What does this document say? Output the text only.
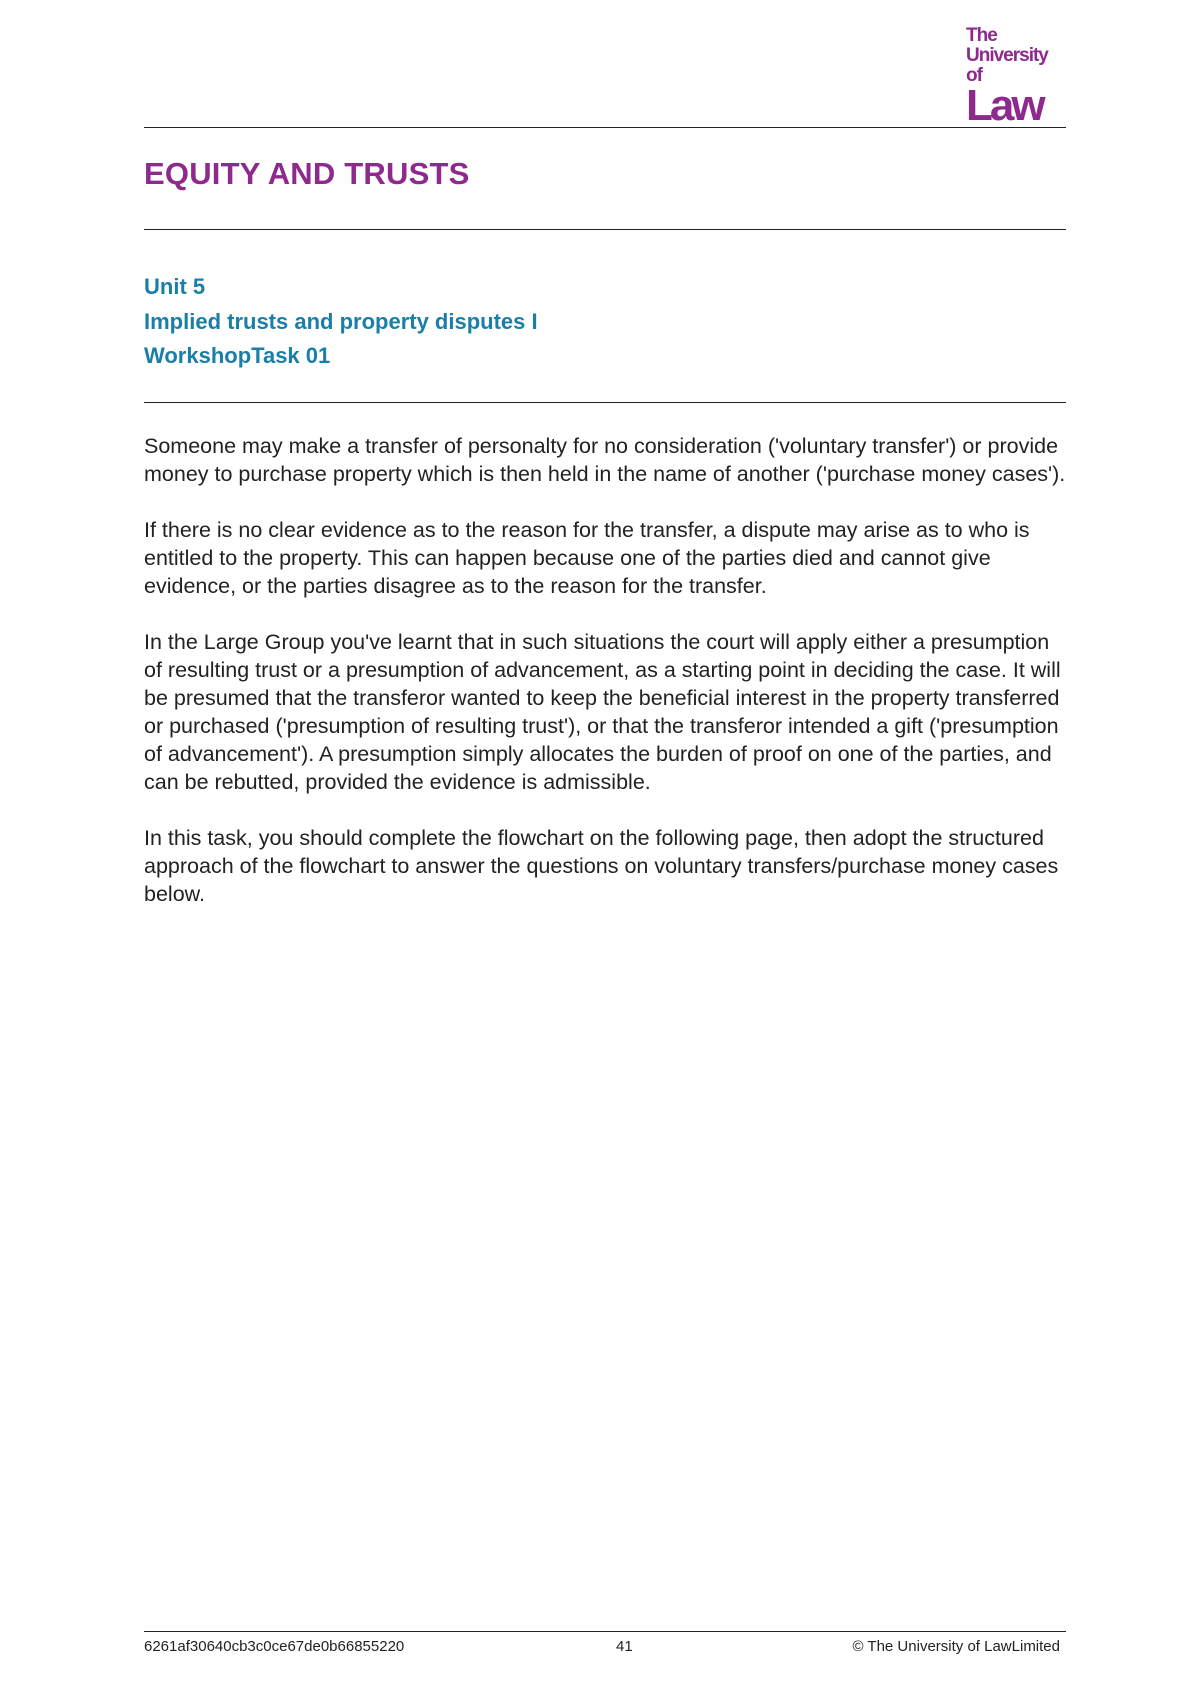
The
University of
Law
EQUITY AND TRUSTS
Unit 5
Implied trusts and property disputes I
WorkshopTask 01

Someone may make a transfer of personalty for no consideration ('voluntary transfer') or provide money to purchase property which is then held in the name of another ('purchase money cases').

If there is no clear evidence as to the reason for the transfer, a dispute may arise as to who is entitled to the property. This can happen because one of the parties died and cannot give evidence, or the parties disagree as to the reason for the transfer.

In the Large Group you've learnt that in such situations the court will apply either a presumption of resulting trust or a presumption of advancement, as a starting point in deciding the case. It will be presumed that the transferor wanted to keep the beneficial interest in the property transferred or purchased ('presumption of resulting trust'), or that the transferor intended a gift ('presumption of advancement'). A presumption simply allocates the burden of proof on one of the parties, and can be rebutted, provided the evidence is admissible.

In this task, you should complete the flowchart on the following page, then adopt the structured approach of the flowchart to answer the questions on voluntary transfers/purchase money cases below.

6261af30640cb3c0ce67de0b66855220	41	© The University of LawLimited
